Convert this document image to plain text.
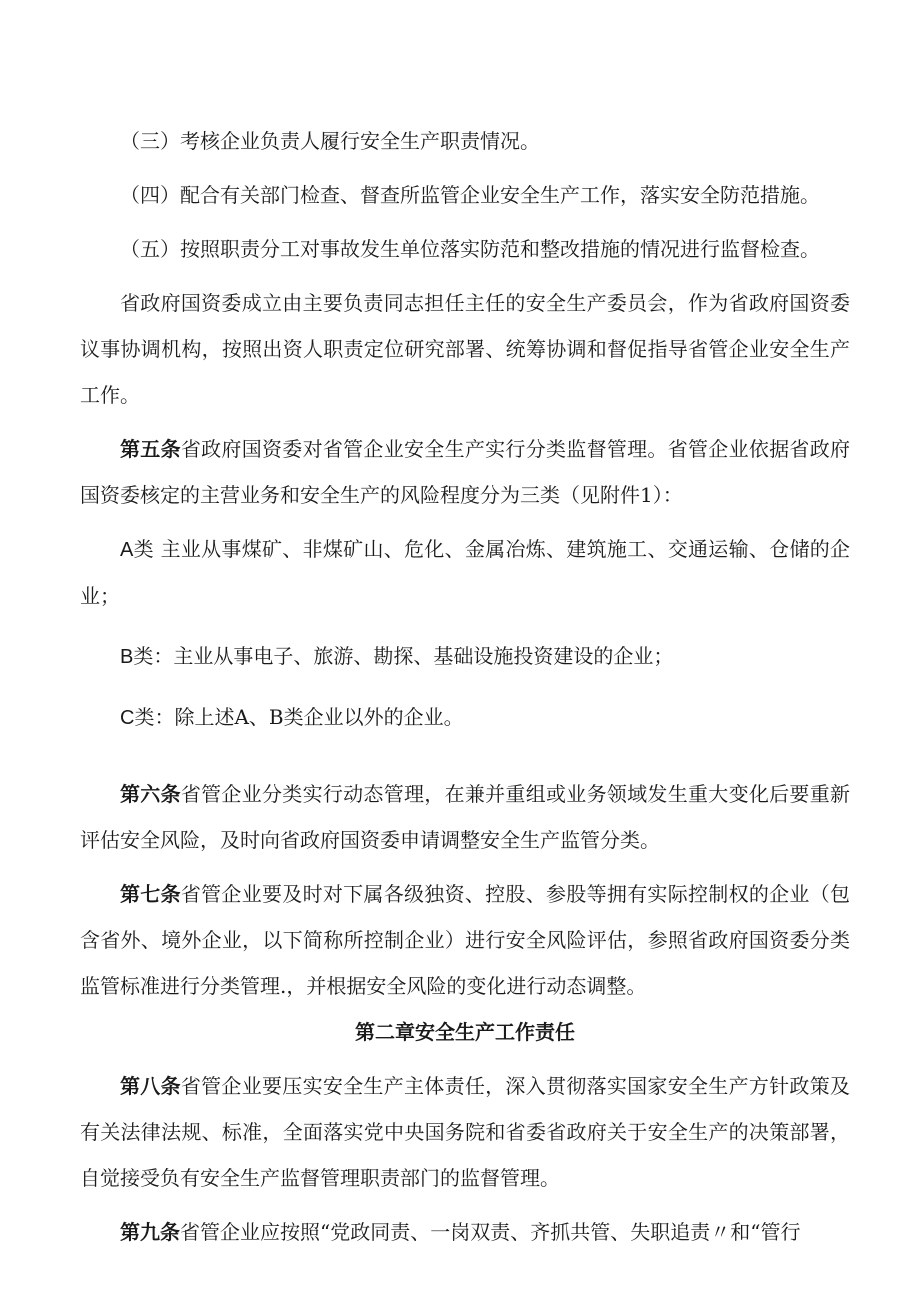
（三）考核企业负责人履行安全生产职责情况。

（四）配合有关部门检查、督查所监管企业安全生产工作，落实安全防范措施。

（五）按照职责分工对事故发生单位落实防范和整改措施的情况进行监督检查。

省政府国资委成立由主要负责同志担任主任的安全生产委员会，作为省政府国资委议事协调机构，按照出资人职责定位研究部署、统筹协调和督促指导省管企业安全生产工作。

第五条省政府国资委对省管企业安全生产实行分类监督管理。省管企业依据省政府国资委核定的主营业务和安全生产的风险程度分为三类（见附件1）：

A类 主业从事煤矿、非煤矿山、危化、金属冶炼、建筑施工、交通运输、仓储的企业；

B类：主业从事电子、旅游、勘探、基础设施投资建设的企业；

C类：除上述A、B类企业以外的企业。

第六条省管企业分类实行动态管理，在兼并重组或业务领域发生重大变化后要重新评估安全风险，及时向省政府国资委申请调整安全生产监管分类。

第七条省管企业要及时对下属各级独资、控股、参股等拥有实际控制权的企业（包含省外、境外企业，以下简称所控制企业）进行安全风险评估，参照省政府国资委分类监管标准进行分类管理.，并根据安全风险的变化进行动态调整。

第二章安全生产工作责任

第八条省管企业要压实安全生产主体责任，深入贯彻落实国家安全生产方针政策及有关法律法规、标准，全面落实党中央国务院和省委省政府关于安全生产的决策部署，自觉接受负有安全生产监督管理职责部门的监督管理。

第九条省管企业应按照“党政同责、一岗双责、齐抓共管、失职追责〃和“管行
